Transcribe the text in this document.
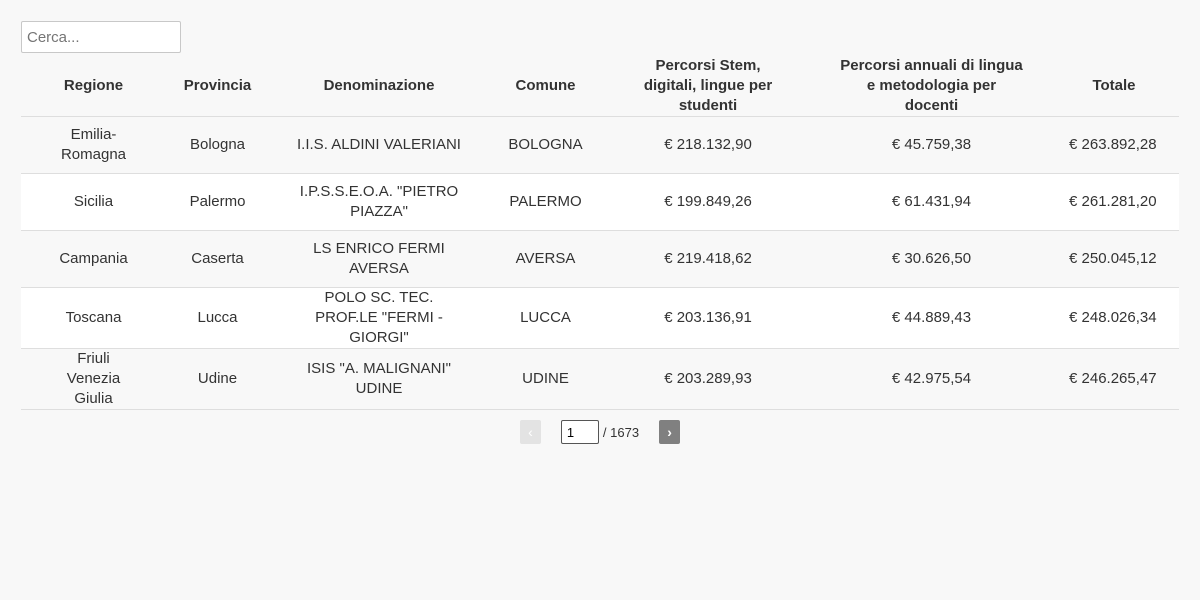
Cerca...
Regione	Provincia	Denominazione	Comune	Percorsi Stem, digitali, lingue per studenti	Percorsi annuali di lingua e metodologia per docenti	Totale
Emilia-Romagna	Bologna	I.I.S. ALDINI VALERIANI	BOLOGNA	€ 218.132,90	€ 45.759,38	€ 263.892,28
Sicilia	Palermo	I.P.S.S.E.O.A. "PIETRO PIAZZA"	PALERMO	€ 199.849,26	€ 61.431,94	€ 261.281,20
Campania	Caserta	LS ENRICO FERMI AVERSA	AVERSA	€ 219.418,62	€ 30.626,50	€ 250.045,12
Toscana	Lucca	POLO SC. TEC. PROF.LE "FERMI - GIORGI"	LUCCA	€ 203.136,91	€ 44.889,43	€ 248.026,34
Friuli Venezia Giulia	Udine	ISIS "A. MALIGNANI" UDINE	UDINE	€ 203.289,93	€ 42.975,54	€ 246.265,47
‹
1	/ 1673	›
